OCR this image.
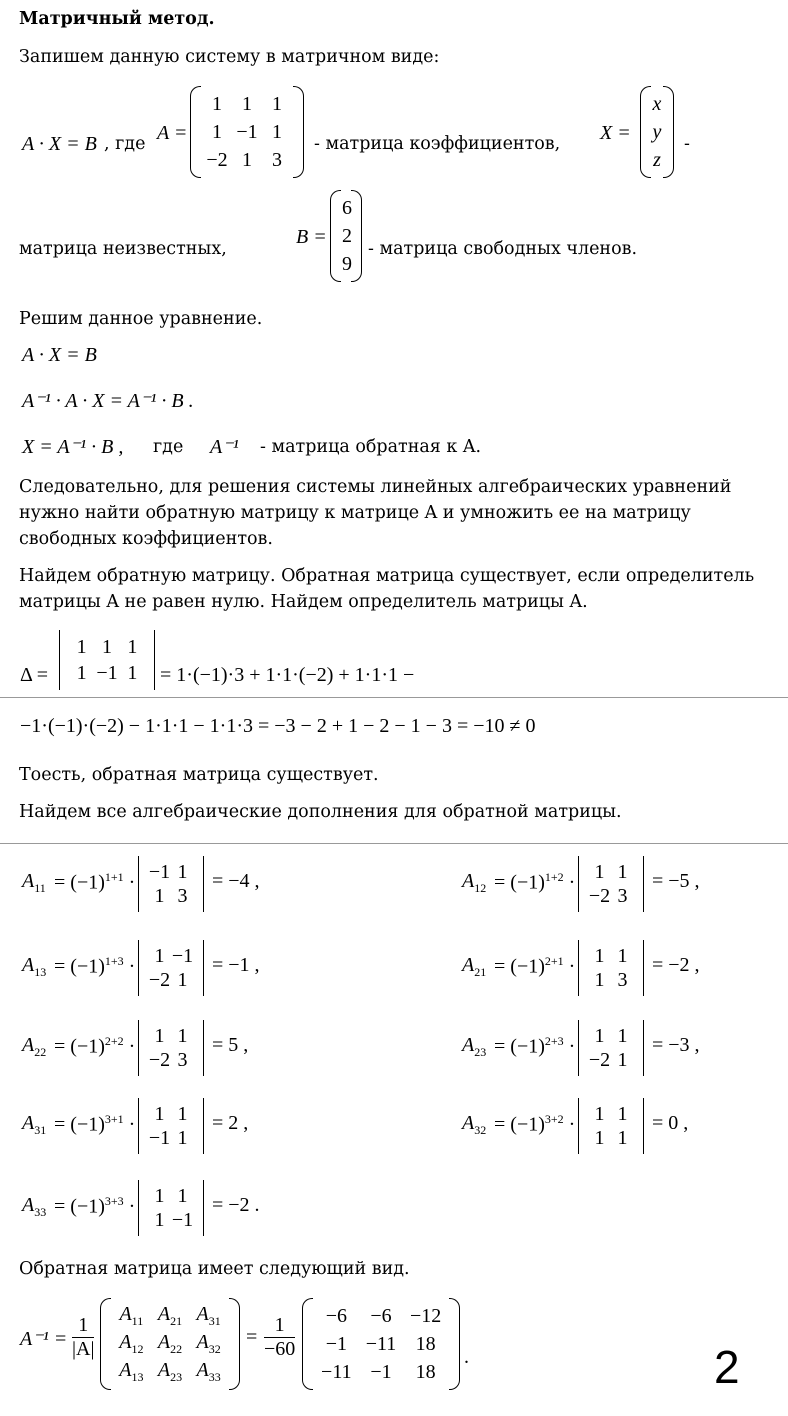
Матричный метод.
Запишем данную систему в матричном виде:
A · X = B , где A =
1 1 1
1 −1 1
−2 1 3
- матрица коэффициентов, X =
x
y
z
-
матрица неизвестных,
B =
6
2
9
- матрица свободных членов.
Решим данное уравнение.
A · X = B
A⁻¹ · A · X = A⁻¹ · B .
X = A⁻¹ · B , где A⁻¹ - матрица обратная к A.
Следовательно, для решения системы линейных алгебраических уравнений нужно найти обратную матрицу к матрице A и умножить ее на матрицу свободных коэффициентов.
Найдем обратную матрицу. Обратная матрица существует, если определитель матрицы A не равен нулю. Найдем определитель матрицы A.
Δ =
1 1 1
1 −1 1 = 1·(−1)·3 + 1·1·(−2) + 1·1·1 −
−1·(−1)·(−2) − 1·1·1 − 1·1·3 = −3 − 2 + 1 − 2 − 1 − 3 = −10 ≠ 0
Тоесть, обратная матрица существует.
Найдем все алгебраические дополнения для обратной матрицы.
$A_{11} = (-1)^{1+1}$ ·
−1 1
1 3
= −4 ,	$A_{12} = (-1)^{1+2}$ ·
1 1
−2 3
= −5 ,
$A_{13} = (-1)^{1+3}$ ·
1 −1
−2 1
= −1 ,	$A_{21} = (-1)^{2+1}$ ·
1 1
1 3
= −2 ,
$A_{22} = (-1)^{2+2}$ ·
1 1
−2 3
= 5 ,	$A_{23} = (-1)^{2+3}$ ·
1 1
−2 1
= −3 ,
$A_{31} = (-1)^{3+1}$ ·
1 1
−1 1
= 2 ,	$A_{32} = (-1)^{3+2}$ ·
1 1
1 1
= 0 ,
$A_{33} = (-1)^{3+3}$ ·
1 1
1 −1
= −2 .
Обратная матрица имеет следующий вид.
$A^{-1} = \frac{1}{|A|} A_{11}$ $A_{21}$ $A_{31}$
$A_{12}$ $A_{22}$ $A_{32}$
$A_{13}$ $A_{23}$ $A_{33}$
= $\frac{1}{-60} -6 -6 -12$
−1 −11 18
−11 −1 18
.	2
